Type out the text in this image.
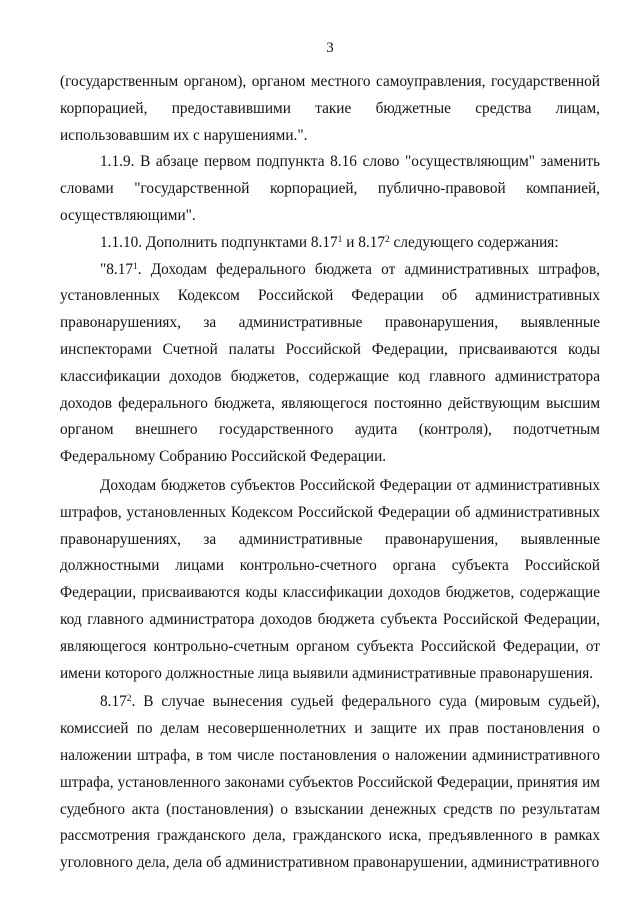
3

(государственным органом), органом местного самоуправления, государственной корпорацией, предоставившими такие бюджетные средства лицам, использовавшим их с нарушениями.".

1.1.9. В абзаце первом подпункта 8.16 слово "осуществляющим" заменить словами "государственной корпорацией, публично-правовой компанией, осуществляющими".

1.1.10. Дополнить подпунктами 8.17$^1$ и 8.17$^2$ следующего содержания:

"8.17$^1$. Доходам федерального бюджета от административных штрафов, установленных Кодексом Российской Федерации об административных правонарушениях, за административные правонарушения, выявленные инспекторами Счетной палаты Российской Федерации, присваиваются коды классификации доходов бюджетов, содержащие код главного администратора доходов федерального бюджета, являющегося постоянно действующим высшим органом внешнего государственного аудита (контроля), подотчетным Федеральному Собранию Российской Федерации.

Доходам бюджетов субъектов Российской Федерации от административных штрафов, установленных Кодексом Российской Федерации об административных правонарушениях, за административные правонарушения, выявленные должностными лицами контрольно-счетного органа субъекта Российской Федерации, присваиваются коды классификации доходов бюджетов, содержащие код главного администратора доходов бюджета субъекта Российской Федерации, являющегося контрольно-счетным органом субъекта Российской Федерации, от имени которого должностные лица выявили административные правонарушения.

8.17$^2$. В случае вынесения судьей федерального суда (мировым судьей), комиссией по делам несовершеннолетних и защите их прав постановления о наложении штрафа, в том числе постановления о наложении административного штрафа, установленного законами субъектов Российской Федерации, принятия им судебного акта (постановления) о взыскании денежных средств по результатам рассмотрения гражданского дела, гражданского иска, предъявленного в рамках уголовного дела, дела об административном правонарушении, административного
